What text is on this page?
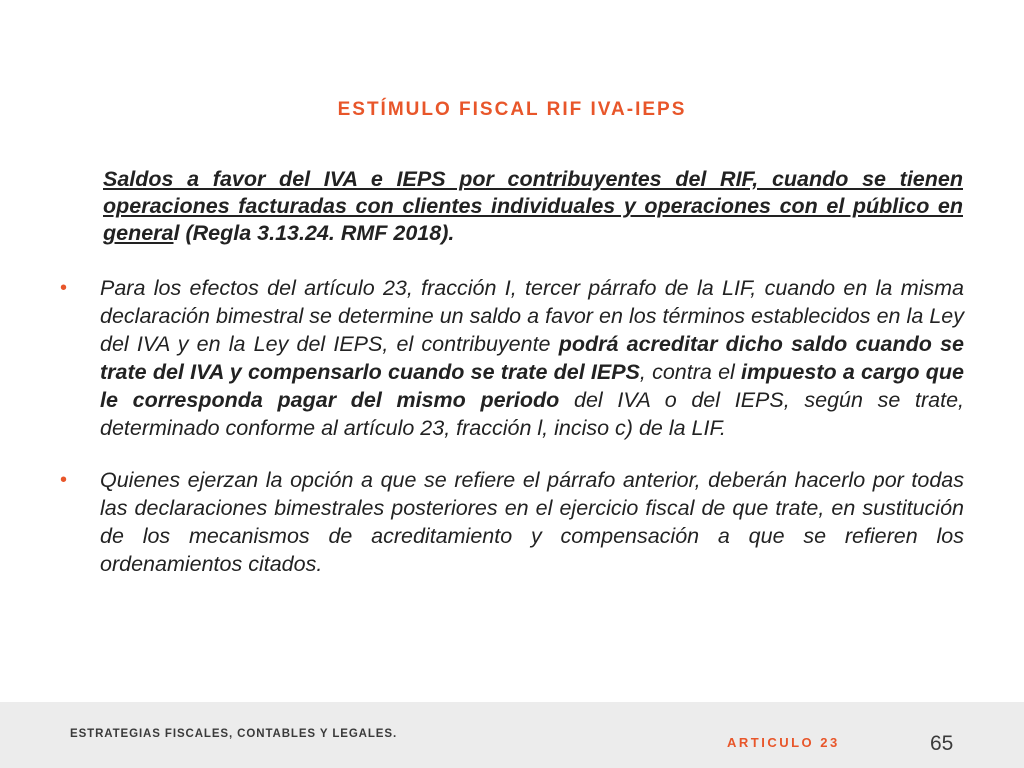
ESTÍMULO FISCAL RIF IVA-IEPS
Saldos a favor del IVA e IEPS por contribuyentes del RIF, cuando se tienen operaciones facturadas con clientes individuales y operaciones con el público en general (Regla 3.13.24. RMF 2018).
• Para los efectos del artículo 23, fracción I, tercer párrafo de la LIF, cuando en la misma declaración bimestral se determine un saldo a favor en los términos establecidos en la Ley del IVA y en la Ley del IEPS, el contribuyente podrá acreditar dicho saldo cuando se trate del IVA y compensarlo cuando se trate del IEPS, contra el impuesto a cargo que le corresponda pagar del mismo periodo del IVA o del IEPS, según se trate, determinado conforme al artículo 23, fracción l, inciso c) de la LIF.
• Quienes ejerzan la opción a que se refiere el párrafo anterior, deberán hacerlo por todas las declaraciones bimestrales posteriores en el ejercicio fiscal de que trate, en sustitución de los mecanismos de acreditamiento y compensación a que se refieren los ordenamientos citados.
ESTRATEGIAS FISCALES, CONTABLES Y LEGALES.
ARTICULO 23	65
